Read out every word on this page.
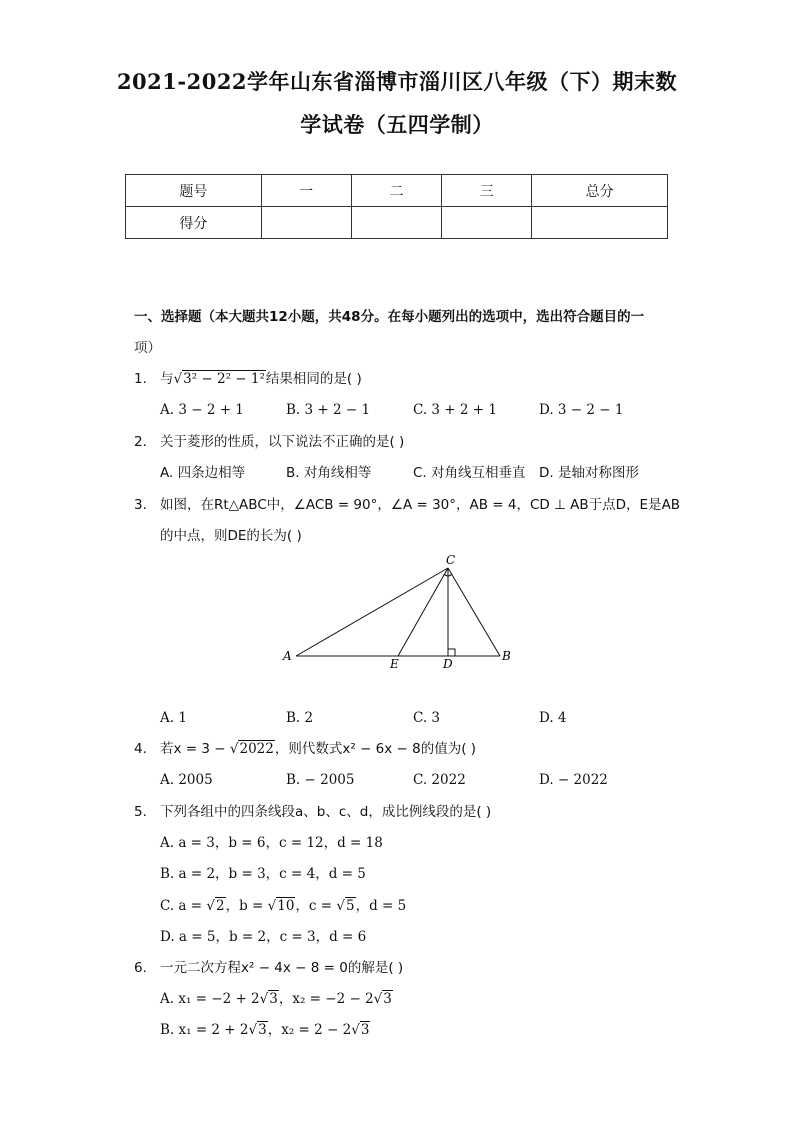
2021-2022学年山东省淄博市淄川区八年级（下）期末数
学试卷（五四学制）
题号	一	二	三	总分
得分				
一、选择题（本大题共12小题，共48分。在每小题列出的选项中，选出符合题目的一
项）
1. 与√3² − 2² − 1²结果相同的是( )
A. 3 − 2 + 1	B. 3 + 2 − 1	C. 3 + 2 + 1	D. 3 − 2 − 1
2. 关于菱形的性质，以下说法不正确的是( )
A. 四条边相等	B. 对角线相等	C. 对角线互相垂直 D. 是轴对称图形
3. 如图，在Rt△ABC中，∠ACB = 90°，∠A = 30°，AB = 4，CD ⊥ AB于点D，E是AB
的中点，则DE的长为( )
A	B
C
D
E
A. 1	B. 2	C. 3	D. 4
4. 若x = 3 − √2022，则代数式x² − 6x − 8的值为( )
A. 2005	B. − 2005	C. 2022	D. − 2022
5. 下列各组中的四条线段a、b、c、d，成比例线段的是( )
A. a = 3，b = 6，c = 12，d = 18
B. a = 2，b = 3，c = 4，d = 5
C. a = √2，b = √10，c = √5，d = 5
D. a = 5，b = 2，c = 3，d = 6
6. 一元二次方程x² − 4x − 8 = 0的解是( )
A. x₁ = −2 + 2√3，x₂ = −2 − 2√3
B. x₁ = 2 + 2√3，x₂ = 2 − 2√3
